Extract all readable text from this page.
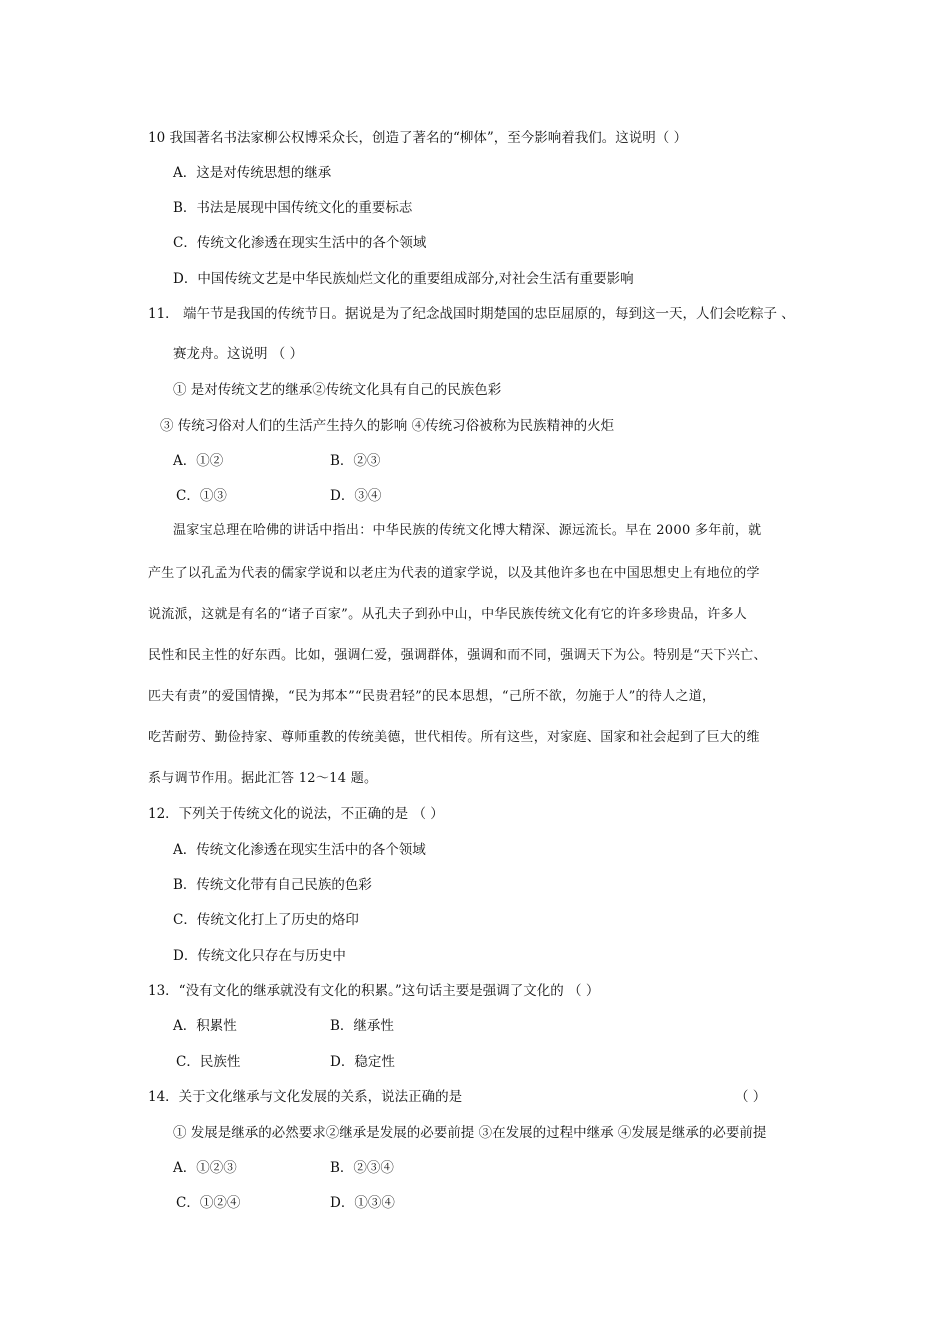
10 我国著名书法家柳公权博采众长，创造了著名的“柳体”，至今影响着我们。这说明（ ）
A．这是对传统思想的继承
B．书法是展现中国传统文化的重要标志
C．传统文化渗透在现实生活中的各个领域
D．中国传统文艺是中华民族灿烂文化的重要组成部分,对社会生活有重要影响
11． 端午节是我国的传统节日。据说是为了纪念战国时期楚国的忠臣屈原的，每到这一天，人们会吃粽子 、
赛龙舟。这说明 （ ）
① 是对传统文艺的继承②传统文化具有自己的民族色彩
③ 传统习俗对人们的生活产生持久的影响 ④传统习俗被称为民族精神的火炬
A．①②	B．②③
C．①③	D．③④
温家宝总理在哈佛的讲话中指出：中华民族的传统文化博大精深、源远流长。早在 2000 多年前，就
产生了以孔孟为代表的儒家学说和以老庄为代表的道家学说，以及其他许多也在中国思想史上有地位的学
说流派，这就是有名的“诸子百家”。从孔夫子到孙中山，中华民族传统文化有它的许多珍贵品，许多人
民性和民主性的好东西。比如，强调仁爱，强调群体，强调和而不同，强调天下为公。特别是“天下兴亡、
匹夫有责”的爱国情操，“民为邦本”“民贵君轻”的民本思想，“己所不欲，勿施于人”的待人之道，
吃苦耐劳、勤俭持家、尊师重教的传统美德，世代相传。所有这些，对家庭、国家和社会起到了巨大的维
系与调节作用。据此汇答 12～14 题。
12．下列关于传统文化的说法，不正确的是 （ ）
A．传统文化渗透在现实生活中的各个领域
B．传统文化带有自己民族的色彩
C．传统文化打上了历史的烙印
D．传统文化只存在与历史中
13．“没有文化的继承就没有文化的积累。”这句话主要是强调了文化的 （ ）
A．积累性	B．继承性
C．民族性	D．稳定性
14．关于文化继承与文化发展的关系，说法正确的是	（ ）
① 发展是继承的必然要求②继承是发展的必要前提 ③在发展的过程中继承 ④发展是继承的必要前提
A．①②③	B．②③④
C．①②④	D．①③④
